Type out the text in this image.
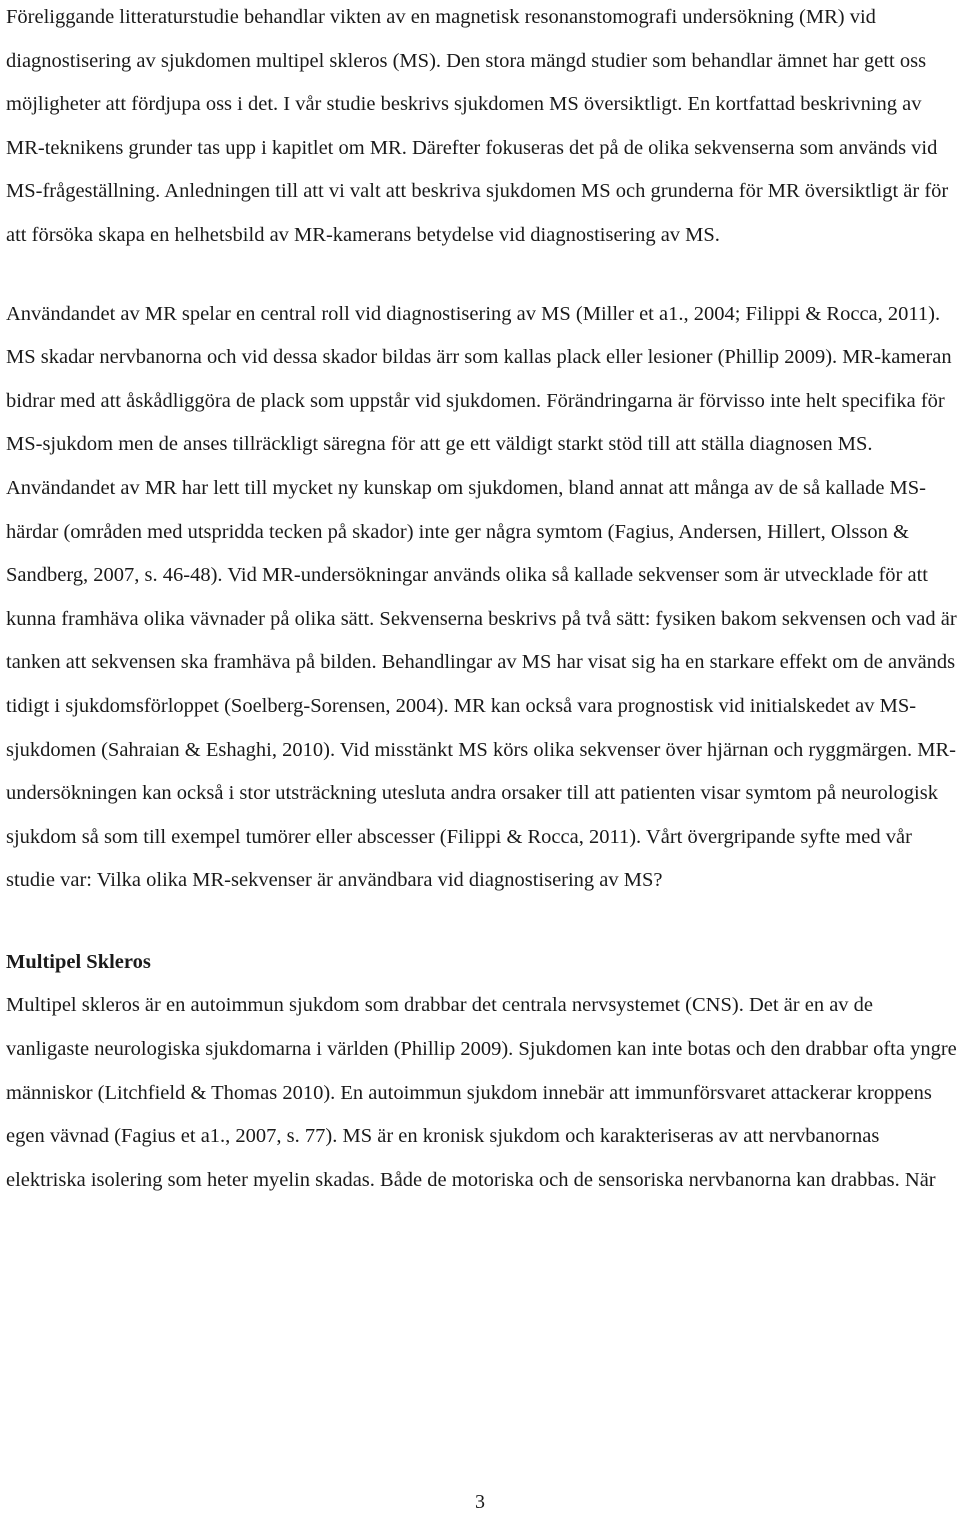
Föreliggande litteraturstudie behandlar vikten av en magnetisk resonanstomografi undersökning (MR) vid diagnostisering av sjukdomen multipel skleros (MS). Den stora mängd studier som behandlar ämnet har gett oss möjligheter att fördjupa oss i det. I vår studie beskrivs sjukdomen MS översiktligt. En kortfattad beskrivning av MR-teknikens grunder tas upp i kapitlet om MR. Därefter fokuseras det på de olika sekvenserna som används vid MS-frågeställning. Anledningen till att vi valt att beskriva sjukdomen MS och grunderna för MR översiktligt är för att försöka skapa en helhetsbild av MR-kamerans betydelse vid diagnostisering av MS.

Användandet av MR spelar en central roll vid diagnostisering av MS (Miller et a1., 2004; Filippi & Rocca, 2011). MS skadar nervbanorna och vid dessa skador bildas ärr som kallas plack eller lesioner (Phillip 2009). MR-kameran bidrar med att åskådliggöra de plack som uppstår vid sjukdomen. Förändringarna är förvisso inte helt specifika för MS-sjukdom men de anses tillräckligt säregna för att ge ett väldigt starkt stöd till att ställa diagnosen MS. Användandet av MR har lett till mycket ny kunskap om sjukdomen, bland annat att många av de så kallade MS-härdar (områden med utspridda tecken på skador) inte ger några symtom (Fagius, Andersen, Hillert, Olsson & Sandberg, 2007, s. 46-48). Vid MR-undersökningar används olika så kallade sekvenser som är utvecklade för att kunna framhäva olika vävnader på olika sätt. Sekvenserna beskrivs på två sätt: fysiken bakom sekvensen och vad är tanken att sekvensen ska framhäva på bilden. Behandlingar av MS har visat sig ha en starkare effekt om de används tidigt i sjukdomsförloppet (Soelberg-Sorensen, 2004). MR kan också vara prognostisk vid initialskedet av MS-sjukdomen (Sahraian & Eshaghi, 2010). Vid misstänkt MS körs olika sekvenser över hjärnan och ryggmärgen. MR-undersökningen kan också i stor utsträckning utesluta andra orsaker till att patienten visar symtom på neurologisk sjukdom så som till exempel tumörer eller abscesser (Filippi & Rocca, 2011). Vårt övergripande syfte med vår studie var: Vilka olika MR-sekvenser är användbara vid diagnostisering av MS?

Multipel Skleros

Multipel skleros är en autoimmun sjukdom som drabbar det centrala nervsystemet (CNS). Det är en av de vanligaste neurologiska sjukdomarna i världen (Phillip 2009). Sjukdomen kan inte botas och den drabbar ofta yngre människor (Litchfield & Thomas 2010). En autoimmun sjukdom innebär att immunförsvaret attackerar kroppens egen vävnad (Fagius et a1., 2007, s. 77). MS är en kronisk sjukdom och karakteriseras av att nervbanornas elektriska isolering som heter myelin skadas. Både de motoriska och de sensoriska nervbanorna kan drabbas. När

3
